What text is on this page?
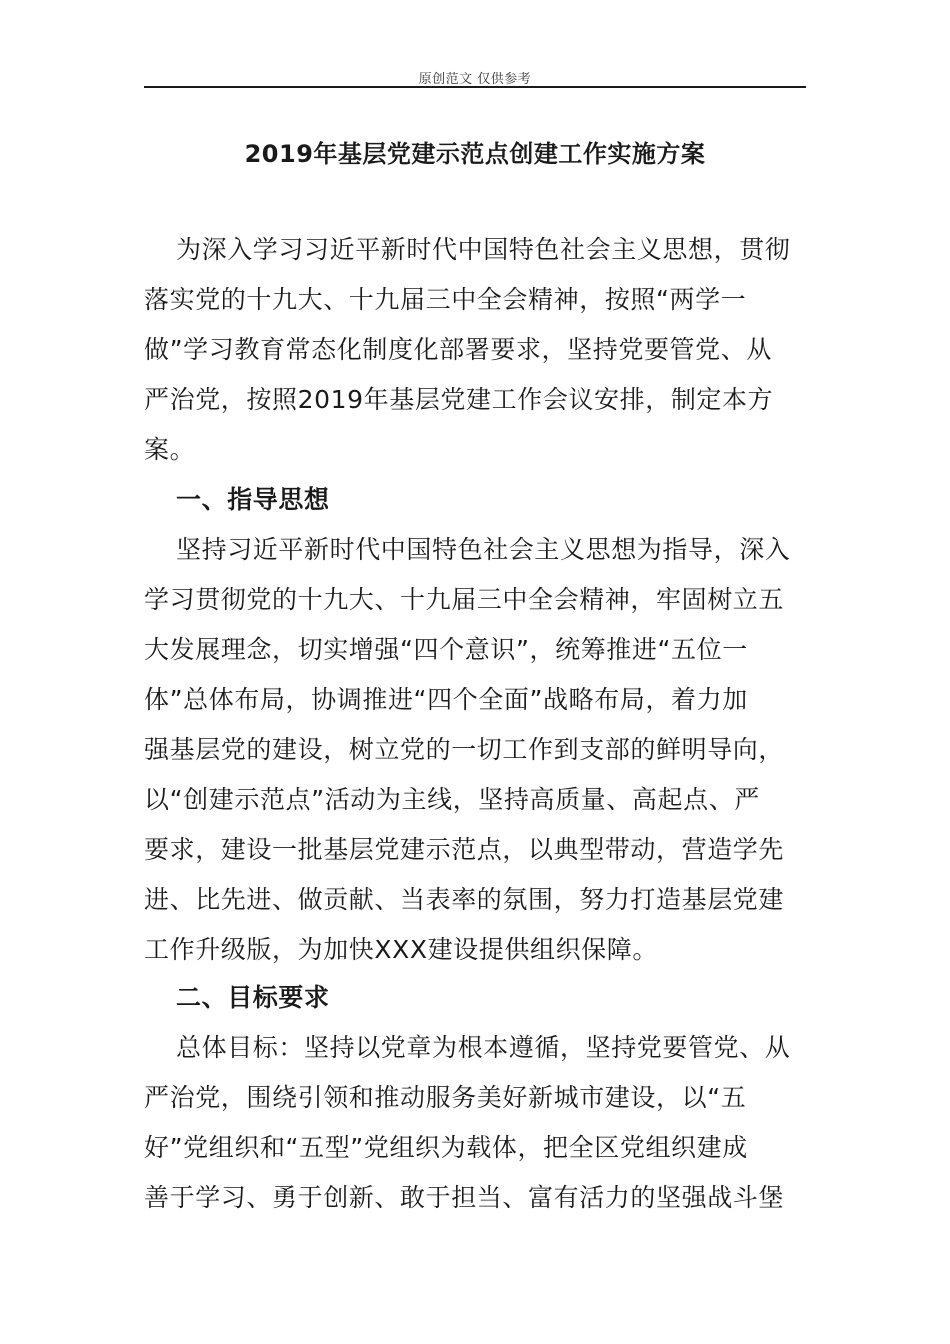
原创范文 仅供参考
2019年基层党建示范点创建工作实施方案
为深入学习习近平新时代中国特色社会主义思想，贯彻
落实党的十九大、十九届三中全会精神，按照“两学一
做”学习教育常态化制度化部署要求，坚持党要管党、从
严治党，按照2019年基层党建工作会议安排，制定本方
案。
一、指导思想
坚持习近平新时代中国特色社会主义思想为指导，深入
学习贯彻党的十九大、十九届三中全会精神，牢固树立五
大发展理念，切实增强“四个意识”，统筹推进“五位一
体”总体布局，协调推进“四个全面”战略布局，着力加
强基层党的建设，树立党的一切工作到支部的鲜明导向，
以“创建示范点”活动为主线，坚持高质量、高起点、严
要求，建设一批基层党建示范点，以典型带动，营造学先
进、比先进、做贡献、当表率的氛围，努力打造基层党建
工作升级版，为加快XXX建设提供组织保障。
二、目标要求
总体目标：坚持以党章为根本遵循，坚持党要管党、从
严治党，围绕引领和推动服务美好新城市建设，以“五
好”党组织和“五型”党组织为载体，把全区党组织建成
善于学习、勇于创新、敢于担当、富有活力的坚强战斗堡
